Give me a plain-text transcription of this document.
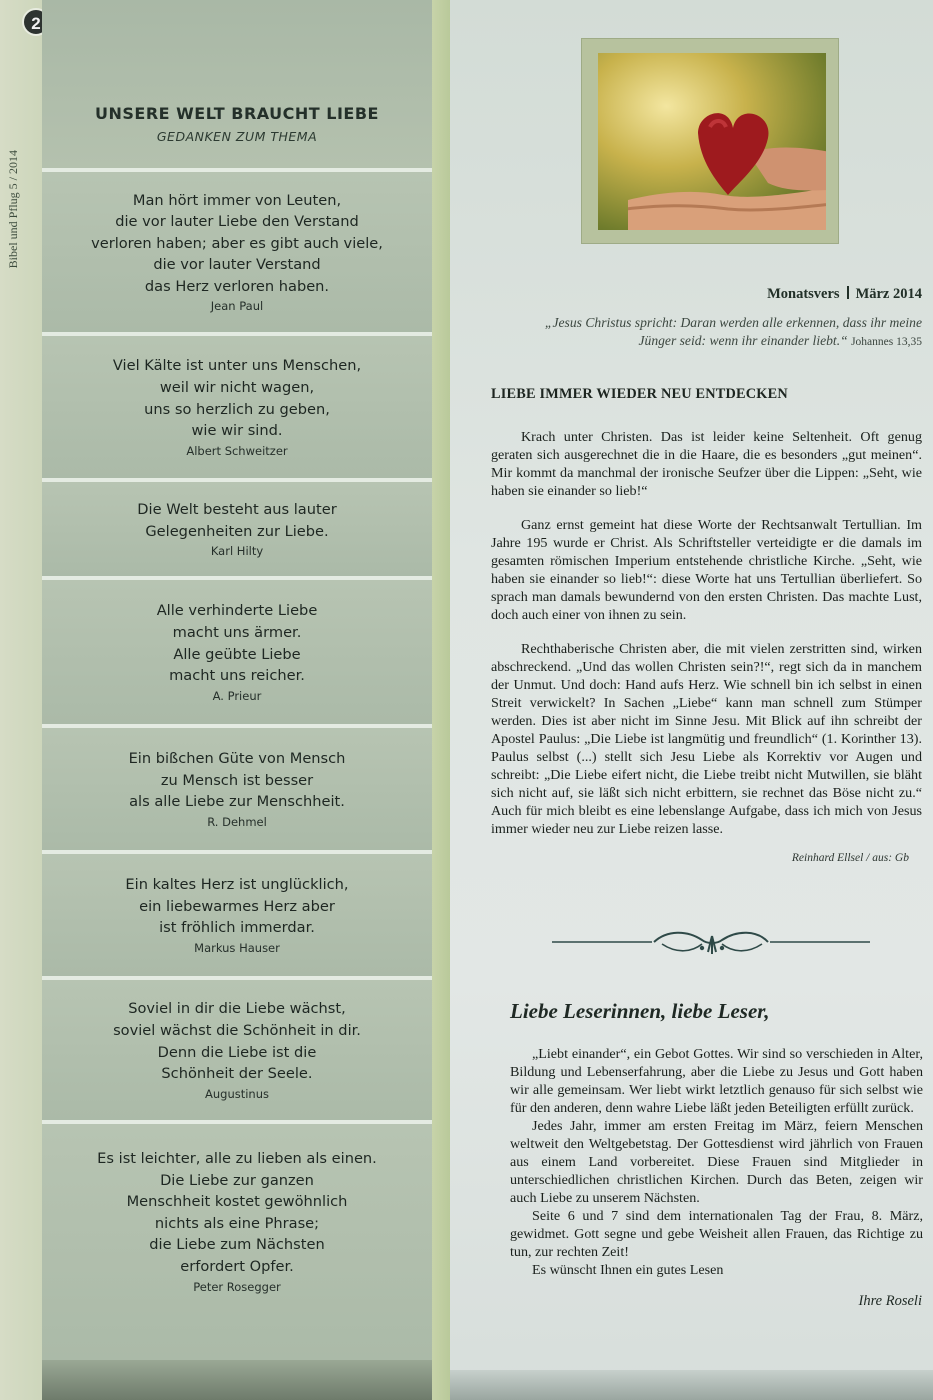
2
Bibel und Pflug 5 / 2014
UNSERE WELT BRAUCHT LIEBE
GEDANKEN ZUM THEMA
Man hört immer von Leuten,
die vor lauter Liebe den Verstand
verloren haben; aber es gibt auch viele,
die vor lauter Verstand
das Herz verloren haben.
Jean Paul
Viel Kälte ist unter uns Menschen,
weil wir nicht wagen,
uns so herzlich zu geben,
wie wir sind.
Albert Schweitzer
Die Welt besteht aus lauter
Gelegenheiten zur Liebe.
Karl Hilty
Alle verhinderte Liebe
macht uns ärmer.
Alle geübte Liebe
macht uns reicher.
A. Prieur
Ein bißchen Güte von Mensch
zu Mensch ist besser
als alle Liebe zur Menschheit.
R. Dehmel
Ein kaltes Herz ist unglücklich,
ein liebewarmes Herz aber
ist fröhlich immerdar.
Markus Hauser
Soviel in dir die Liebe wächst,
soviel wächst die Schönheit in dir.
Denn die Liebe ist die
Schönheit der Seele.
Augustinus
Es ist leichter, alle zu lieben als einen.
Die Liebe zur ganzen
Menschheit kostet gewöhnlich
nichts als eine Phrase;
die Liebe zum Nächsten
erfordert Opfer.
Peter Rosegger
Monatsvers März 2014
„Jesus Christus spricht: Daran werden alle erkennen, dass ihr meine Jünger seid: wenn ihr einander liebt.“ Johannes 13,35
LIEBE IMMER WIEDER NEU ENTDECKEN

Krach unter Christen. Das ist leider keine Seltenheit. Oft genug geraten sich ausgerechnet die in die Haare, die es besonders „gut meinen“. Mir kommt da manchmal der ironische Seufzer über die Lippen: „Seht, wie haben sie einander so lieb!“

Ganz ernst gemeint hat diese Worte der Rechtsanwalt Tertullian. Im Jahre 195 wurde er Christ. Als Schriftsteller verteidigte er die damals im gesamten römischen Imperium entstehende christliche Kirche. „Seht, wie haben sie einander so lieb!“: diese Worte hat uns Tertullian überliefert. So sprach man damals bewundernd von den ersten Christen. Das machte Lust, doch auch einer von ihnen zu sein.

Rechthaberische Christen aber, die mit vielen zerstritten sind, wirken abschreckend. „Und das wollen Christen sein?!“, regt sich da in manchem der Unmut. Und doch: Hand aufs Herz. Wie schnell bin ich selbst in einen Streit verwickelt? In Sachen „Liebe“ kann man schnell zum Stümper werden. Dies ist aber nicht im Sinne Jesu. Mit Blick auf ihn schreibt der Apostel Paulus: „Die Liebe ist langmütig und freundlich“ (1. Korinther 13). Paulus selbst (...) stellt sich Jesu Liebe als Korrektiv vor Augen und schreibt: „Die Liebe eifert nicht, die Liebe treibt nicht Mutwillen, sie bläht sich nicht auf, sie läßt sich nicht erbittern, sie rechnet das Böse nicht zu.“ Auch für mich bleibt es eine lebenslange Aufgabe, dass ich mich von Jesus immer wieder neu zur Liebe reizen lasse.

Reinhard Ellsel / aus: Gb
Liebe Leserinnen, liebe Leser,

„Liebt einander“, ein Gebot Gottes. Wir sind so verschieden in Alter, Bildung und Lebenserfahrung, aber die Liebe zu Jesus und Gott haben wir alle gemeinsam. Wer liebt wirkt letztlich genauso für sich selbst wie für den anderen, denn wahre Liebe läßt jeden Beteiligten erfüllt zurück.

Jedes Jahr, immer am ersten Freitag im März, feiern Menschen weltweit den Weltgebetstag. Der Gottesdienst wird jährlich von Frauen aus einem Land vorbereitet. Diese Frauen sind Mitglieder in unterschiedlichen christlichen Kirchen. Durch das Beten, zeigen wir auch Liebe zu unserem Nächsten.

Seite 6 und 7 sind dem internationalen Tag der Frau, 8. März, gewidmet. Gott segne und gebe Weisheit allen Frauen, das Richtige zu tun, zur rechten Zeit!

Es wünscht Ihnen ein gutes Lesen

Ihre Roseli
